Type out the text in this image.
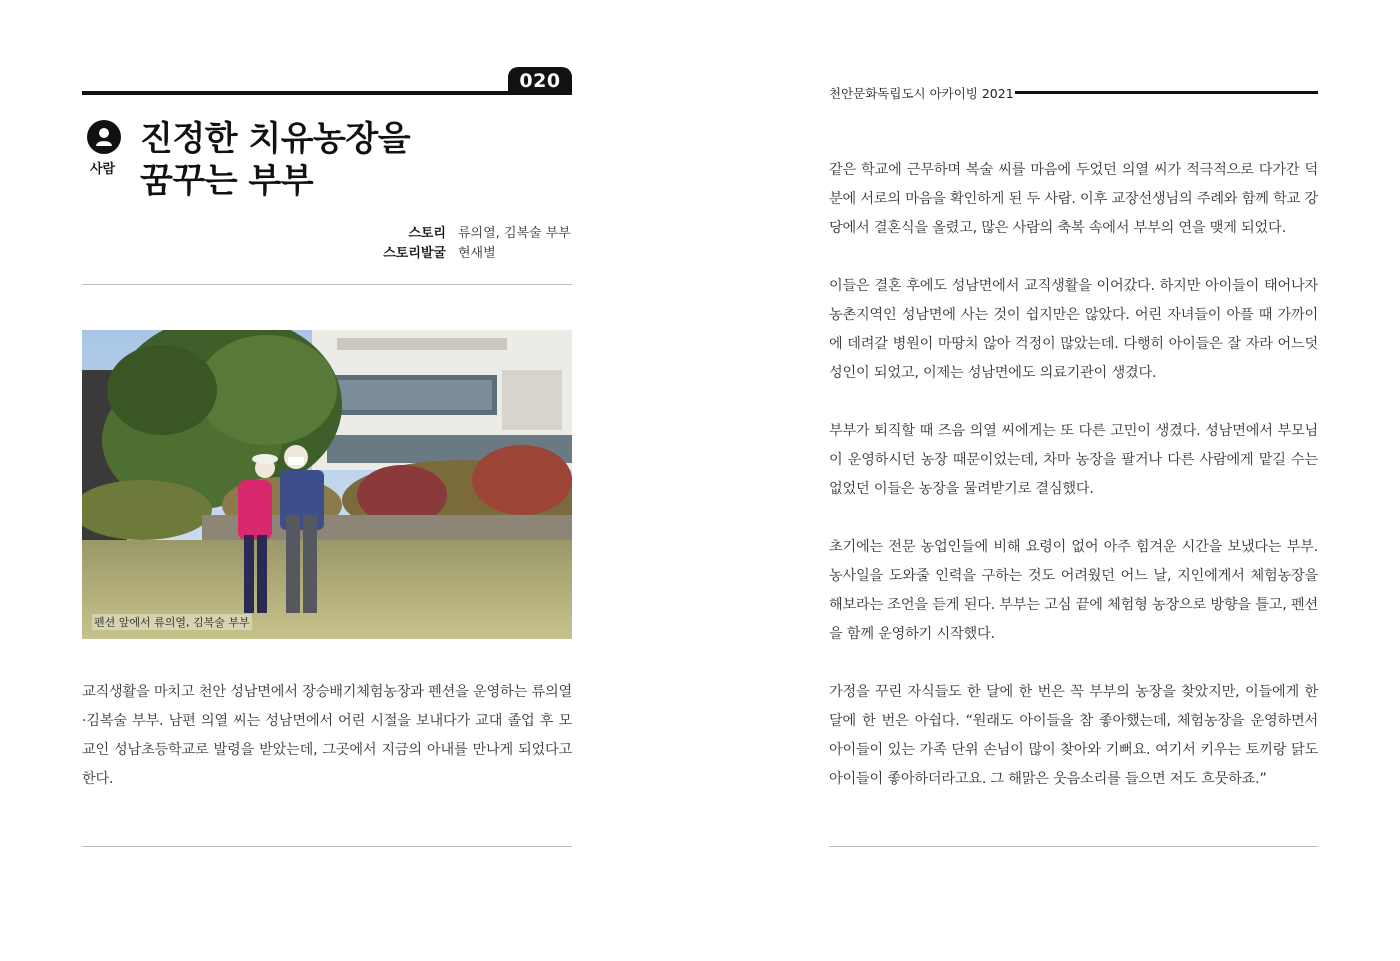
020
사람
진정한 치유농장을
꿈꾸는 부부
스토리 류의열, 김복술 부부
스토리발굴 현새별
펜션 앞에서 류의열, 김복술 부부
교직생활을 마치고 천안 성남면에서 장승배기체험농장과 펜션을 운영하는 류의열·김복술 부부. 남편 의열 씨는 성남면에서 어린 시절을 보내다가 교대 졸업 후 모교인 성남초등학교로 발령을 받았는데, 그곳에서 지금의 아내를 만나게 되었다고 한다.
천안문화독립도시 아카이빙 2021

같은 학교에 근무하며 복술 씨를 마음에 두었던 의열 씨가 적극적으로 다가간 덕분에 서로의 마음을 확인하게 된 두 사람. 이후 교장선생님의 주례와 함께 학교 강당에서 결혼식을 올렸고, 많은 사람의 축복 속에서 부부의 연을 맺게 되었다.

이들은 결혼 후에도 성남면에서 교직생활을 이어갔다. 하지만 아이들이 태어나자 농촌지역인 성남면에 사는 것이 쉽지만은 않았다. 어린 자녀들이 아플 때 가까이에 데려갈 병원이 마땅치 않아 걱정이 많았는데. 다행히 아이들은 잘 자라 어느덧 성인이 되었고, 이제는 성남면에도 의료기관이 생겼다.

부부가 퇴직할 때 즈음 의열 씨에게는 또 다른 고민이 생겼다. 성남면에서 부모님이 운영하시던 농장 때문이었는데, 차마 농장을 팔거나 다른 사람에게 맡길 수는 없었던 이들은 농장을 물려받기로 결심했다.

초기에는 전문 농업인들에 비해 요령이 없어 아주 힘겨운 시간을 보냈다는 부부. 농사일을 도와줄 인력을 구하는 것도 어려웠던 어느 날, 지인에게서 체험농장을 해보라는 조언을 듣게 된다. 부부는 고심 끝에 체험형 농장으로 방향을 틀고, 펜션을 함께 운영하기 시작했다.

가정을 꾸린 자식들도 한 달에 한 번은 꼭 부부의 농장을 찾았지만, 이들에게 한 달에 한 번은 아쉽다. “원래도 아이들을 참 좋아했는데, 체험농장을 운영하면서 아이들이 있는 가족 단위 손님이 많이 찾아와 기뻐요. 여기서 키우는 토끼랑 닭도 아이들이 좋아하더라고요. 그 해맑은 웃음소리를 들으면 저도 흐뭇하죠.”
